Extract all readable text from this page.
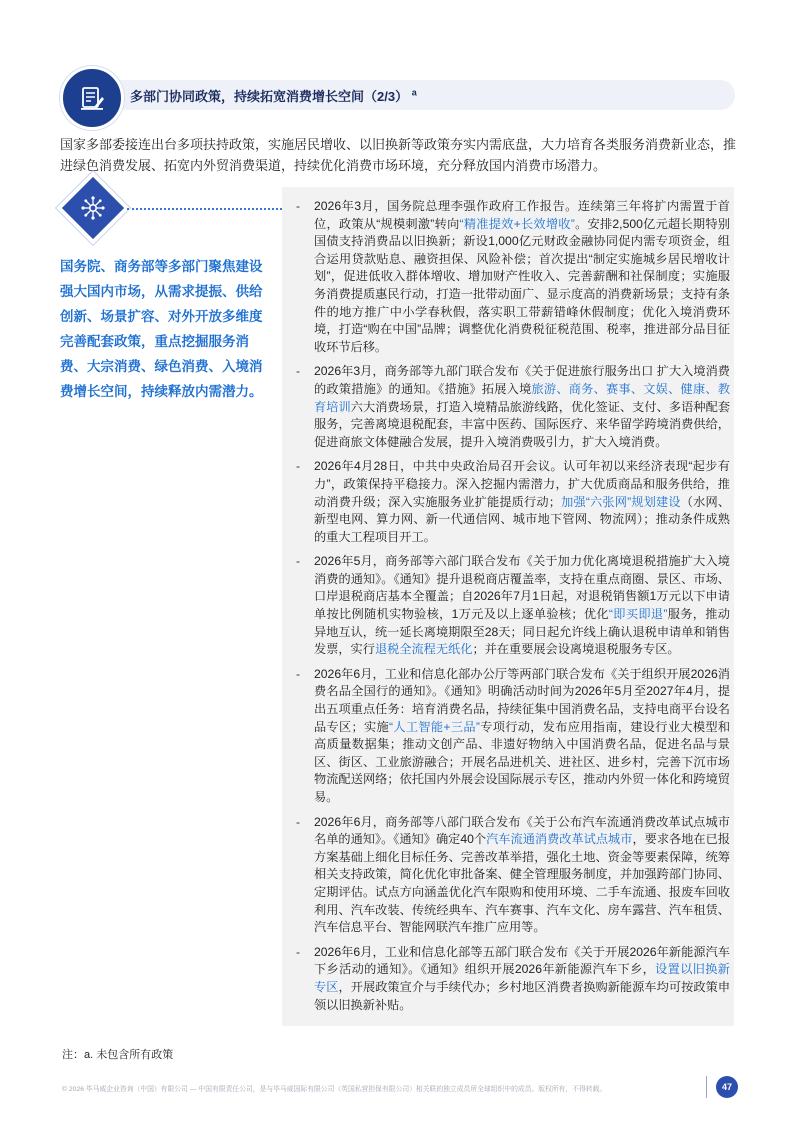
多部门协同政策，持续拓宽消费增长空间（2/3） $^a$
国家多部委接连出台多项扶持政策，实施居民增收、以旧换新等政策夯实内需底盘，大力培育各类服务消费新业态，推进绿色消费发展、拓宽内外贸消费渠道，持续优化消费市场环境，充分释放国内消费市场潜力。
国务院、商务部等多部门聚焦建设强大国内市场，从需求提振、供给创新、场景扩容、对外开放多维度完善配套政策，重点挖掘服务消费、大宗消费、绿色消费、入境消费增长空间，持续释放内需潜力。
- 2026年3月，国务院总理李强作政府工作报告。连续第三年将扩内需置于首位，政策从“规模刺激”转向“精准提效+长效增收”。安排2,500亿元超长期特别国债支持消费品以旧换新；新设1,000亿元财政金融协同促内需专项资金，组合运用贷款贴息、融资担保、风险补偿；首次提出“制定实施城乡居民增收计划”，促进低收入群体增收、增加财产性收入、完善薪酬和社保制度；实施服务消费提质惠民行动，打造一批带动面广、显示度高的消费新场景；支持有条件的地方推广中小学春秋假，落实职工带薪错峰休假制度；优化入境消费环境，打造“购在中国”品牌；调整优化消费税征税范围、税率，推进部分品目征收环节后移。
- 2026年3月，商务部等九部门联合发布《关于促进旅行服务出口 扩大入境消费的政策措施》的通知。《措施》拓展入境旅游、商务、赛事、文娱、健康、教育培训六大消费场景，打造入境精品旅游线路，优化签证、支付、多语种配套服务，完善离境退税配套，丰富中医药、国际医疗、来华留学跨境消费供给，促进商旅文体健融合发展，提升入境消费吸引力，扩大入境消费。
- 2026年4月28日，中共中央政治局召开会议。认可年初以来经济表现“起步有力”，政策保持平稳接力。深入挖掘内需潜力，扩大优质商品和服务供给，推动消费升级；深入实施服务业扩能提质行动；加强“六张网”规划建设（水网、新型电网、算力网、新一代通信网、城市地下管网、物流网）；推动条件成熟的重大工程项目开工。
- 2026年5月，商务部等六部门联合发布《关于加力优化离境退税措施扩大入境消费的通知》。《通知》提升退税商店覆盖率，支持在重点商圈、景区、市场、口岸退税商店基本全覆盖；自2026年7月1日起，对退税销售额1万元以下申请单按比例随机实物验核，1万元及以上逐单验核；优化“即买即退”服务，推动异地互认，统一延长离境期限至28天；同日起允许线上确认退税申请单和销售发票，实行退税全流程无纸化；并在重要展会设离境退税服务专区。
- 2026年6月，工业和信息化部办公厅等两部门联合发布《关于组织开展2026消费名品全国行的通知》。《通知》明确活动时间为2026年5月至2027年4月，提出五项重点任务：培育消费名品，持续征集中国消费名品，支持电商平台设名品专区；实施“人工智能+三品”专项行动，发布应用指南，建设行业大模型和高质量数据集；推动文创产品、非遗好物纳入中国消费名品，促进名品与景区、街区、工业旅游融合；开展名品进机关、进社区、进乡村，完善下沉市场物流配送网络；依托国内外展会设国际展示专区，推动内外贸一体化和跨境贸易。
- 2026年6月，商务部等八部门联合发布《关于公布汽车流通消费改革试点城市名单的通知》。《通知》确定40个汽车流通消费改革试点城市，要求各地在已报方案基础上细化目标任务、完善改革举措，强化土地、资金等要素保障，统筹相关支持政策，简化优化审批备案、健全管理服务制度，并加强跨部门协同、定期评估。试点方向涵盖优化汽车限购和使用环境、二手车流通、报废车回收利用、汽车改装、传统经典车、汽车赛事、汽车文化、房车露营、汽车租赁、汽车信息平台、智能网联汽车推广应用等。
- 2026年6月，工业和信息化部等五部门联合发布《关于开展2026年新能源汽车下乡活动的通知》。《通知》组织开展2026年新能源汽车下乡，设置以旧换新专区，开展政策宣介与手续代办；乡村地区消费者换购新能源车均可按政策申领以旧换新补贴。
注：a. 未包含所有政策
© 2026 毕马威企业咨询（中国）有限公司 — 中国有限责任公司，是与毕马威国际有限公司（英国私营担保有限公司）相关联的独立成员所全球组织中的成员。版权所有，不得转载。	47
